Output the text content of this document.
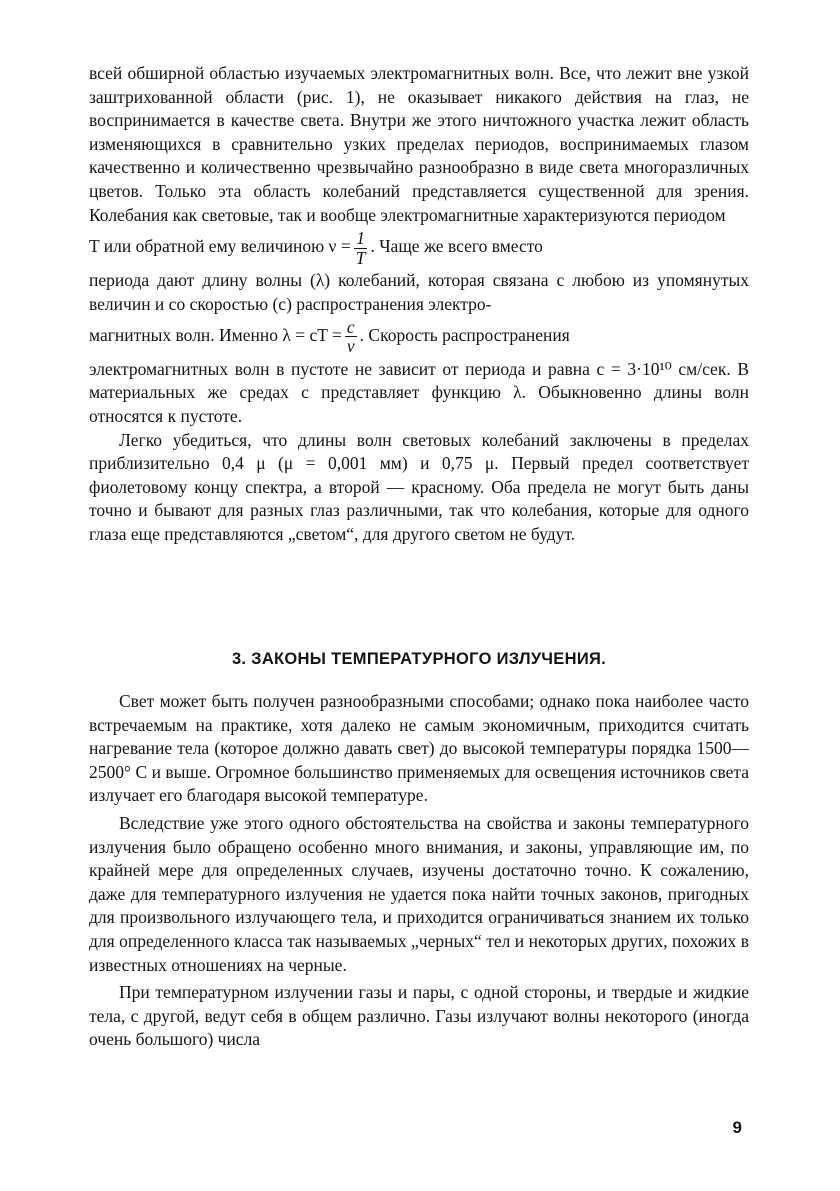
всей обширной областью изучаемых электромагнитных волн. Все, что лежит вне узкой заштрихованной области (рис. 1), не оказывает никакого действия на глаз, не воспринимается в качестве света. Внутри же этого ничтожного участка лежит область изменяющихся в сравнительно узких пределах периодов, воспринимаемых глазом качественно и количественно чрезвычайно разнообразно в виде света многоразличных цветов. Только эта область колебаний представляется существенной для зрения. Колебания как световые, так и вообще электромагнитные характеризуются периодом

T или обратной ему величиною $\nu = \frac{1}{T}$ . Чаще же всего вместо

периода дают длину волны (λ) колебаний, которая связана с любою из упомянутых величин и со скоростью (c) распространения электро-

магнитных волн. Именно λ = cT = $\frac{c}{\nu}$ . Скорость распространения

электромагнитных волн в пустоте не зависит от периода и равна c = 3·10¹⁰ см/сек. В материальных же средах c представляет функцию λ. Обыкновенно длины волн относятся к пустоте.

Легко убедиться, что длины волн световых колебаний заключены в пределах приблизительно 0,4 μ (μ = 0,001 мм) и 0,75 μ. Первый предел соответствует фиолетовому концу спектра, а второй — красному. Оба предела не могут быть даны точно и бывают для разных глаз различными, так что колебания, которые для одного глаза еще представляются „светом“, для другого светом не будут.

3. ЗАКОНЫ ТЕМПЕРАТУРНОГО ИЗЛУЧЕНИЯ.

Свет может быть получен разнообразными способами; однако пока наиболее часто встречаемым на практике, хотя далеко не самым экономичным, приходится считать нагревание тела (которое должно давать свет) до высокой температуры порядка 1500—2500° C и выше. Огромное большинство применяемых для освещения источников света излучает его благодаря высокой температуре.

Вследствие уже этого одного обстоятельства на свойства и законы температурного излучения было обращено особенно много внимания, и законы, управляющие им, по крайней мере для определенных случаев, изучены достаточно точно. К сожалению, даже для температурного излучения не удается пока найти точных законов, пригодных для произвольного излучающего тела, и приходится ограничиваться знанием их только для определенного класса так называемых „черных“ тел и некоторых других, похожих в известных отношениях на черные.

При температурном излучении газы и пары, с одной стороны, и твердые и жидкие тела, с другой, ведут себя в общем различно. Газы излучают волны некоторого (иногда очень большого) числа

9
